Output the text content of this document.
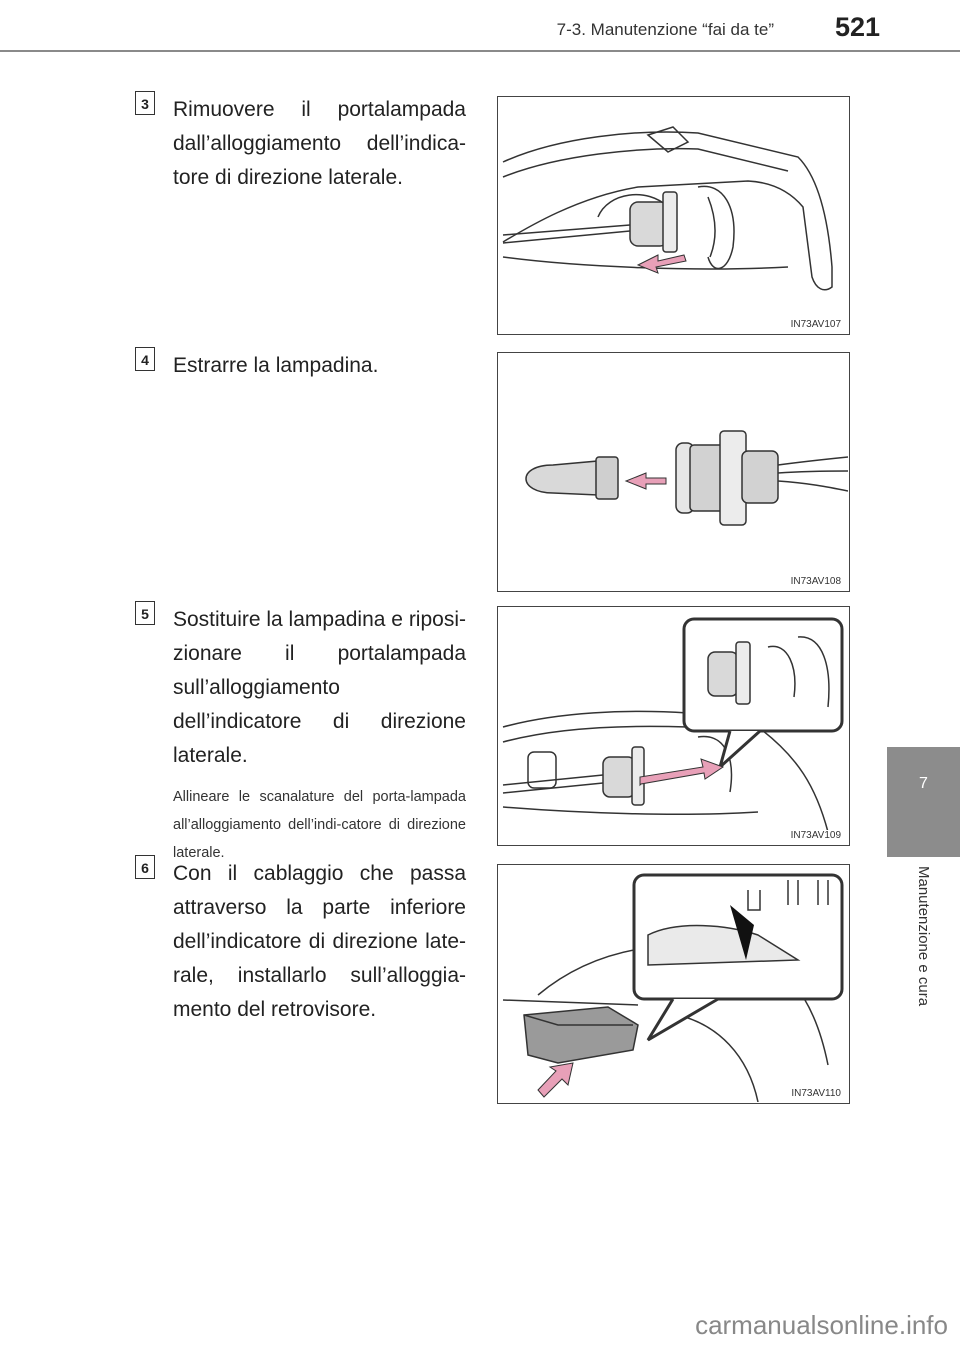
7-3. Manutenzione “fai da te” 521
7
Manutenzione e cura
3 Rimuovere il portalampada dall’alloggiamento dell’indica-tore di direzione laterale.
IN73AV107
4 Estrarre la lampadina.
IN73AV108
5 Sostituire la lampadina e riposi-zionare il portalampada sull’alloggiamento dell’indicatore di direzione laterale.
Allineare le scanalature del porta-lampada all’alloggiamento dell’indi-catore di direzione laterale.
IN73AV109
6 Con il cablaggio che passa attraverso la parte inferiore dell’indicatore di direzione late-rale, installarlo sull’alloggia-mento del retrovisore.
IN73AV110
carmanualsonline.info
